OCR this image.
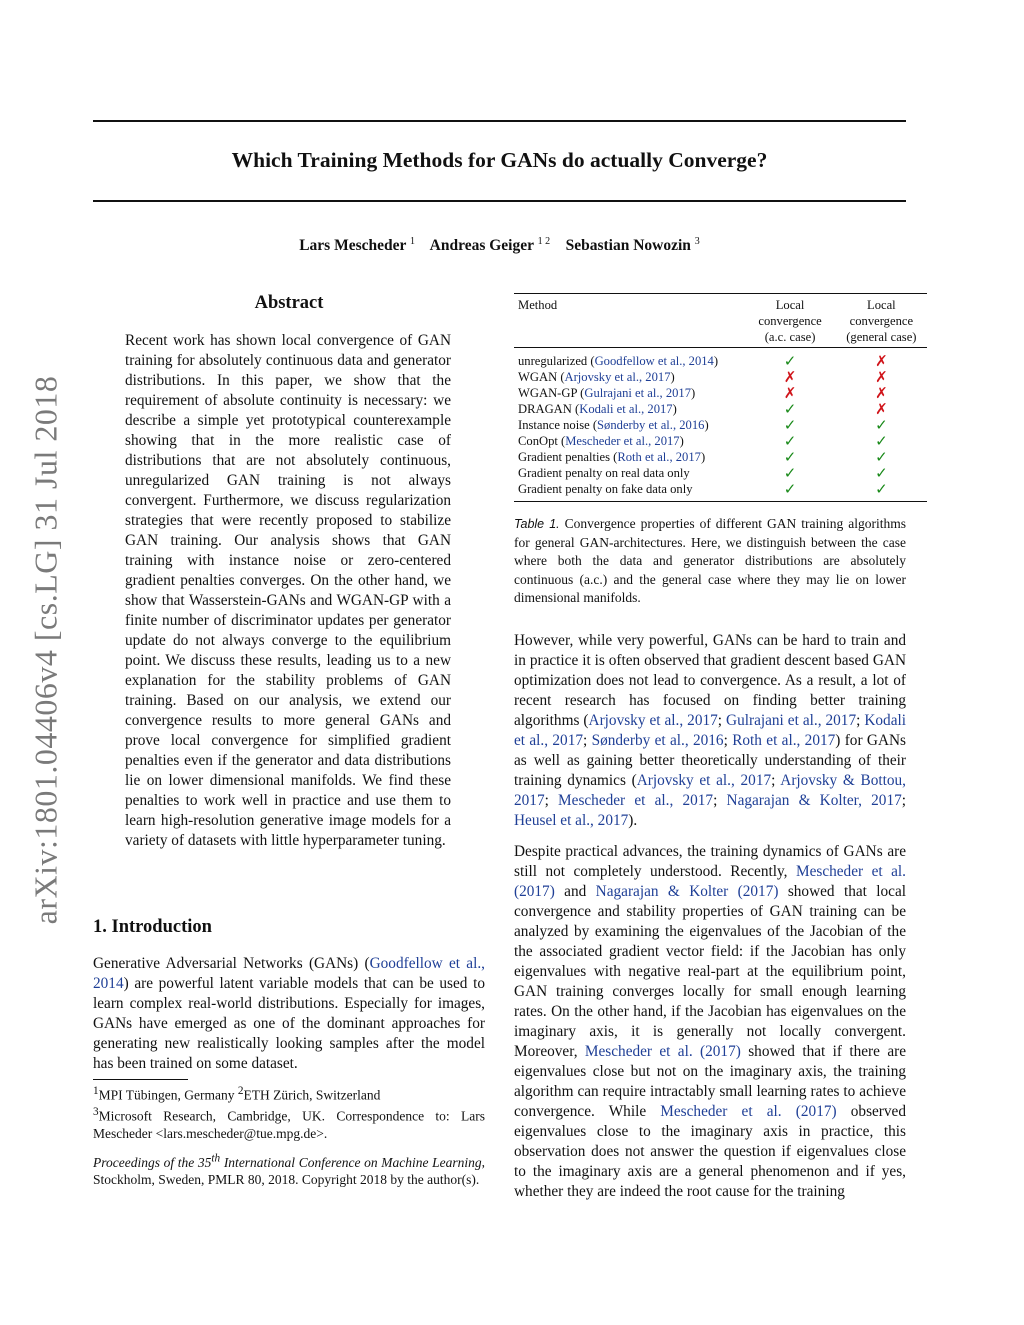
Which Training Methods for GANs do actually Converge?
Lars Mescheder $^1$ Andreas Geiger $^{1 2}$ Sebastian Nowozin $^3$
arXiv:1801.04406v4 [cs.LG] 31 Jul 2018
Abstract
Recent work has shown local convergence of GAN training for absolutely continuous data and generator distributions. In this paper, we show that the requirement of absolute continuity is necessary: we describe a simple yet prototypical counterexample showing that in the more realistic case of distributions that are not absolutely continuous, unregularized GAN training is not always convergent. Furthermore, we discuss regularization strategies that were recently proposed to stabilize GAN training. Our analysis shows that GAN training with instance noise or zero-centered gradient penalties converges. On the other hand, we show that Wasserstein-GANs and WGAN-GP with a finite number of discriminator updates per generator update do not always converge to the equilibrium point. We discuss these results, leading us to a new explanation for the stability problems of GAN training. Based on our analysis, we extend our convergence results to more general GANs and prove local convergence for simplified gradient penalties even if the generator and data distributions lie on lower dimensional manifolds. We find these penalties to work well in practice and use them to learn high-resolution generative image models for a variety of datasets with little hyperparameter tuning.
1. Introduction
Generative Adversarial Networks (GANs) (Goodfellow et al., 2014) are powerful latent variable models that can be used to learn complex real-world distributions. Especially for images, GANs have emerged as one of the dominant approaches for generating new realistically looking samples after the model has been trained on some dataset.
$^1$MPI Tübingen, Germany $^2$ETH Zürich, Switzerland
$^3$Microsoft Research, Cambridge, UK. Correspondence to: Lars Mescheder <lars.mescheder@tue.mpg.de>.
Proceedings of the 35th International Conference on Machine Learning, Stockholm, Sweden, PMLR 80, 2018. Copyright 2018 by the author(s).
Method	Local
convergence
(a.c. case)	Local
convergence
(general case)
unregularized (Goodfellow et al., 2014)	✓	✗
WGAN (Arjovsky et al., 2017)	✗	✗
WGAN-GP (Gulrajani et al., 2017)	✗	✗
DRAGAN (Kodali et al., 2017)	✓	✗
Instance noise (Sønderby et al., 2016)	✓	✓
ConOpt (Mescheder et al., 2017)	✓	✓
Gradient penalties (Roth et al., 2017)	✓	✓
Gradient penalty on real data only	✓	✓
Gradient penalty on fake data only	✓	✓
Table 1. Convergence properties of different GAN training algorithms for general GAN-architectures. Here, we distinguish between the case where both the data and generator distributions are absolutely continuous (a.c.) and the general case where they may lie on lower dimensional manifolds.
However, while very powerful, GANs can be hard to train and in practice it is often observed that gradient descent based GAN optimization does not lead to convergence. As a result, a lot of recent research has focused on finding better training algorithms (Arjovsky et al., 2017; Gulrajani et al., 2017; Kodali et al., 2017; Sønderby et al., 2016; Roth et al., 2017) for GANs as well as gaining better theoretically understanding of their training dynamics (Arjovsky et al., 2017; Arjovsky & Bottou, 2017; Mescheder et al., 2017; Nagarajan & Kolter, 2017; Heusel et al., 2017).
Despite practical advances, the training dynamics of GANs are still not completely understood. Recently, Mescheder et al. (2017) and Nagarajan & Kolter (2017) showed that local convergence and stability properties of GAN training can be analyzed by examining the eigenvalues of the Jacobian of the the associated gradient vector field: if the Jacobian has only eigenvalues with negative real-part at the equilibrium point, GAN training converges locally for small enough learning rates. On the other hand, if the Jacobian has eigenvalues on the imaginary axis, it is generally not locally convergent. Moreover, Mescheder et al. (2017) showed that if there are eigenvalues close but not on the imaginary axis, the training algorithm can require intractably small learning rates to achieve convergence. While Mescheder et al. (2017) observed eigenvalues close to the imaginary axis in practice, this observation does not answer the question if eigenvalues close to the imaginary axis are a general phenomenon and if yes, whether they are indeed the root cause for the training
